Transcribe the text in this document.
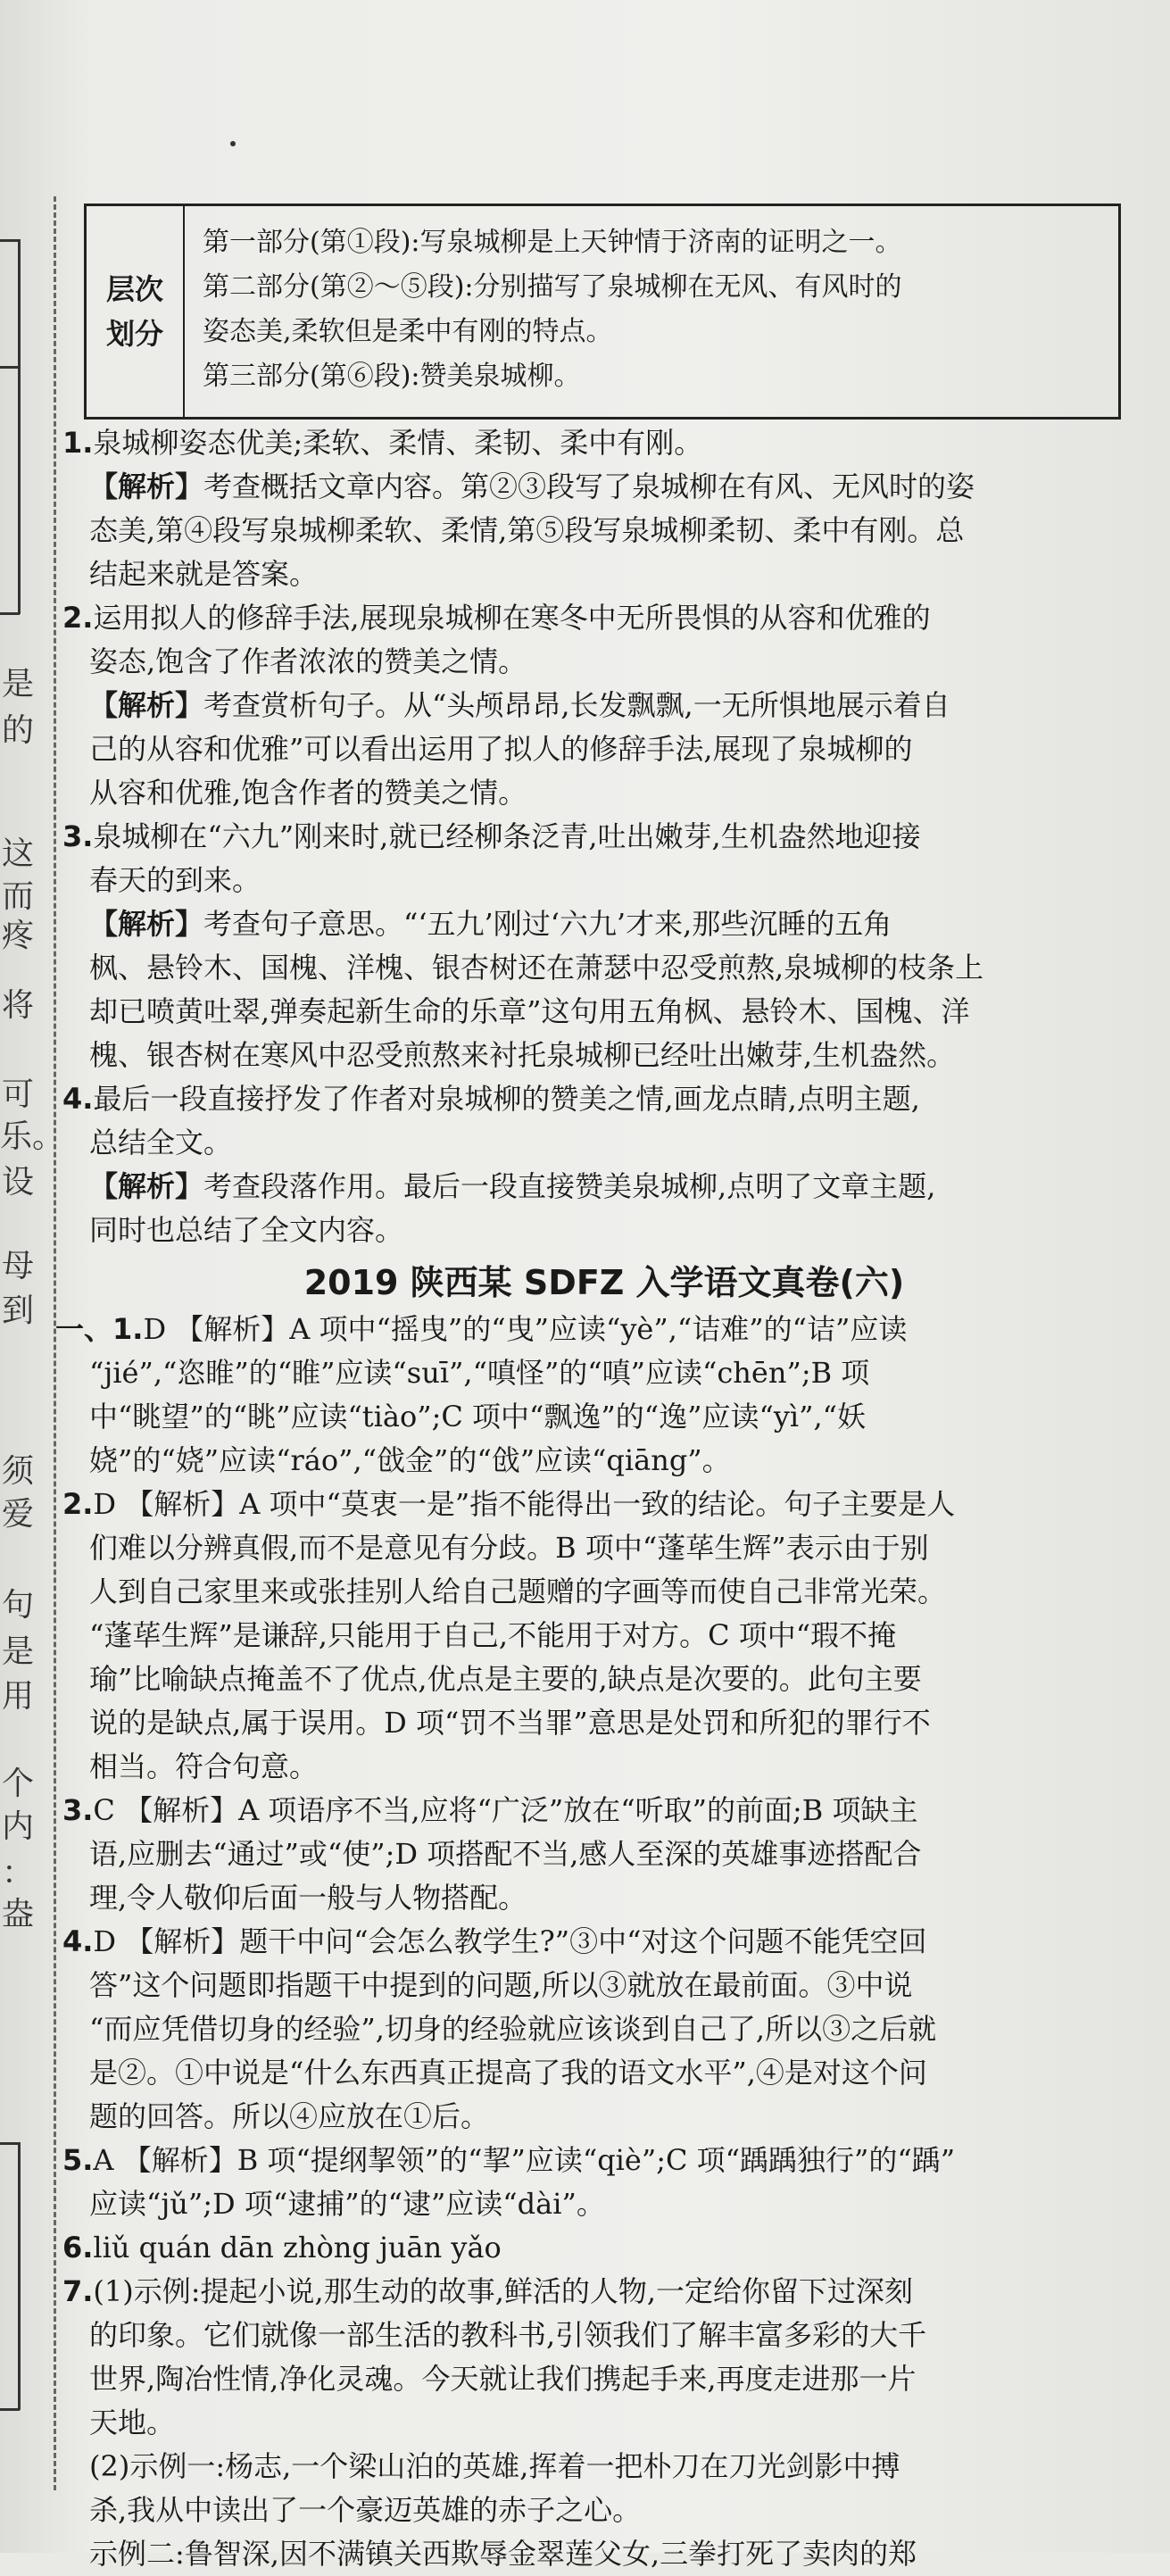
是
的
这
而
疼
将
可
乐。
设
母
到
须
爱
句
是
用
个
内
：
盎
层次
划分
第一部分(第①段):写泉城柳是上天钟情于济南的证明之一。
第二部分(第②～⑤段):分别描写了泉城柳在无风、有风时的
姿态美,柔软但是柔中有刚的特点。
第三部分(第⑥段):赞美泉城柳。

1.泉城柳姿态优美;柔软、柔情、柔韧、柔中有刚。

【解析】考查概括文章内容。第②③段写了泉城柳在有风、无风时的姿

态美,第④段写泉城柳柔软、柔情,第⑤段写泉城柳柔韧、柔中有刚。总

结起来就是答案。

2.运用拟人的修辞手法,展现泉城柳在寒冬中无所畏惧的从容和优雅的

姿态,饱含了作者浓浓的赞美之情。

【解析】考查赏析句子。从“头颅昂昂,长发飘飘,一无所惧地展示着自

己的从容和优雅”可以看出运用了拟人的修辞手法,展现了泉城柳的

从容和优雅,饱含作者的赞美之情。

3.泉城柳在“六九”刚来时,就已经柳条泛青,吐出嫩芽,生机盎然地迎接

春天的到来。

【解析】考查句子意思。“‘五九’刚过‘六九’才来,那些沉睡的五角

枫、悬铃木、国槐、洋槐、银杏树还在萧瑟中忍受煎熬,泉城柳的枝条上

却已喷黄吐翠,弹奏起新生命的乐章”这句用五角枫、悬铃木、国槐、洋

槐、银杏树在寒风中忍受煎熬来衬托泉城柳已经吐出嫩芽,生机盎然。

4.最后一段直接抒发了作者对泉城柳的赞美之情,画龙点睛,点明主题,

总结全文。

【解析】考查段落作用。最后一段直接赞美泉城柳,点明了文章主题,

同时也总结了全文内容。

2019 陕西某 SDFZ 入学语文真卷(六)

一、1.D 【解析】A 项中“摇曳”的“曳”应读“yè”,“诘难”的“诘”应读

“jié”,“恣睢”的“睢”应读“suī”,“嗔怪”的“嗔”应读“chēn”;B 项

中“眺望”的“眺”应读“tiào”;C 项中“飘逸”的“逸”应读“yì”,“妖

娆”的“娆”应读“ráo”,“戗金”的“戗”应读“qiāng”。

2.D 【解析】A 项中“莫衷一是”指不能得出一致的结论。句子主要是人

们难以分辨真假,而不是意见有分歧。B 项中“蓬荜生辉”表示由于别

人到自己家里来或张挂别人给自己题赠的字画等而使自己非常光荣。

“蓬荜生辉”是谦辞,只能用于自己,不能用于对方。C 项中“瑕不掩

瑜”比喻缺点掩盖不了优点,优点是主要的,缺点是次要的。此句主要

说的是缺点,属于误用。D 项“罚不当罪”意思是处罚和所犯的罪行不

相当。符合句意。

3.C 【解析】A 项语序不当,应将“广泛”放在“听取”的前面;B 项缺主

语,应删去“通过”或“使”;D 项搭配不当,感人至深的英雄事迹搭配合

理,令人敬仰后面一般与人物搭配。

4.D 【解析】题干中问“会怎么教学生?”③中“对这个问题不能凭空回

答”这个问题即指题干中提到的问题,所以③就放在最前面。③中说

“而应凭借切身的经验”,切身的经验就应该谈到自己了,所以③之后就

是②。①中说是“什么东西真正提高了我的语文水平”,④是对这个问

题的回答。所以④应放在①后。

5.A 【解析】B 项“提纲挈领”的“挈”应读“qiè”;C 项“踽踽独行”的“踽”

应读“jǔ”;D 项“逮捕”的“逮”应读“dài”。

6.liǔ quán dān zhòng juān yǎo

7.(1)示例:提起小说,那生动的故事,鲜活的人物,一定给你留下过深刻

的印象。它们就像一部生活的教科书,引领我们了解丰富多彩的大千

世界,陶冶性情,净化灵魂。今天就让我们携起手来,再度走进那一片

天地。

(2)示例一:杨志,一个梁山泊的英雄,挥着一把朴刀在刀光剑影中搏

杀,我从中读出了一个豪迈英雄的赤子之心。

示例二:鲁智深,因不满镇关西欺辱金翠莲父女,三拳打死了卖肉的郑
